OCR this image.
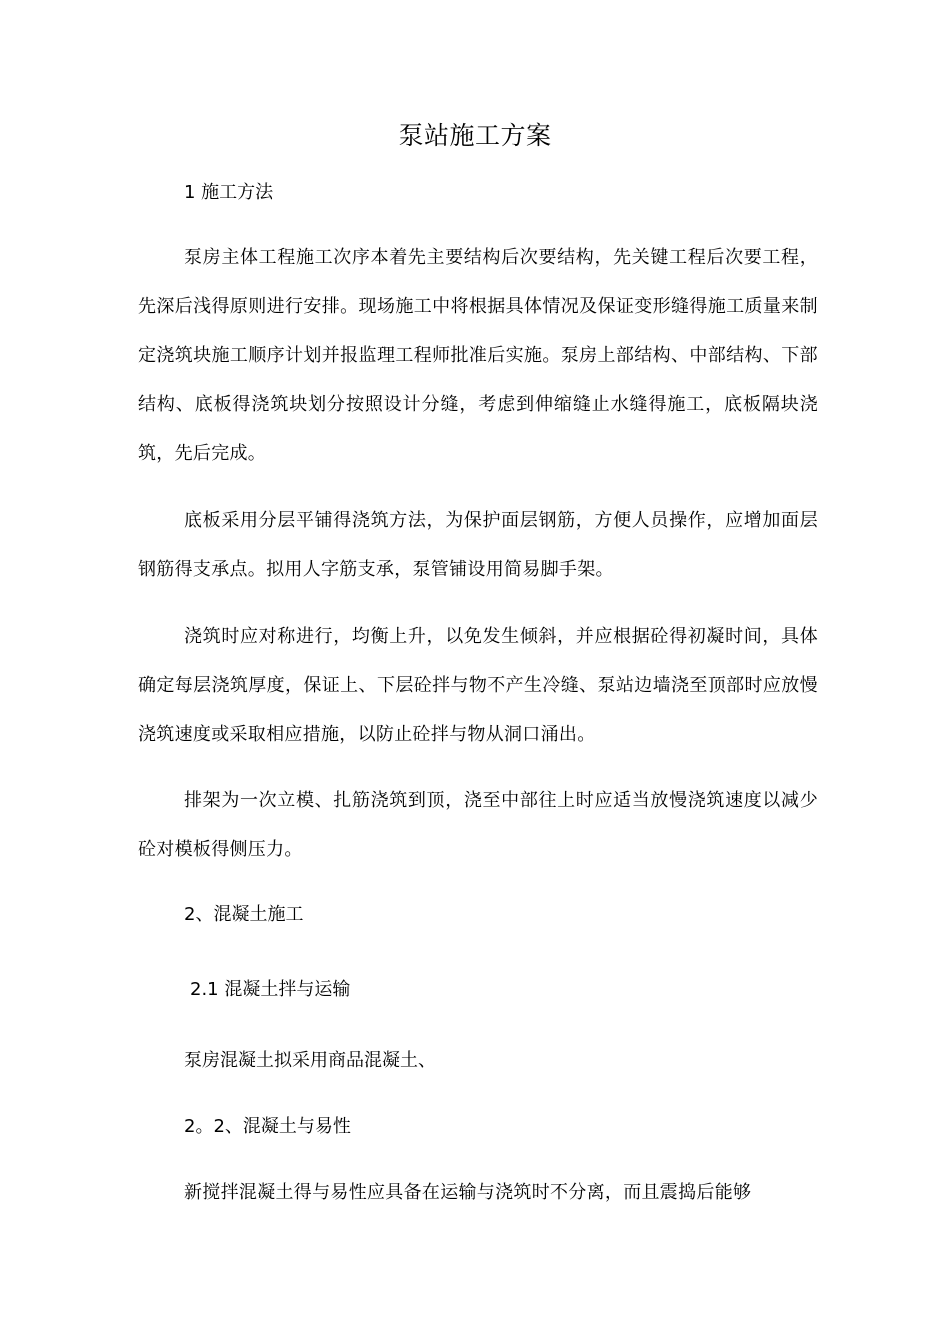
泵站施工方案
1 施工方法
泵房主体工程施工次序本着先主要结构后次要结构，先关键工程后次要工程，先深后浅得原则进行安排。现场施工中将根据具体情况及保证变形缝得施工质量来制定浇筑块施工顺序计划并报监理工程师批准后实施。泵房上部结构、中部结构、下部结构、底板得浇筑块划分按照设计分缝，考虑到伸缩缝止水缝得施工，底板隔块浇筑，先后完成。
底板采用分层平铺得浇筑方法，为保护面层钢筋，方便人员操作，应增加面层钢筋得支承点。拟用人字筋支承，泵管铺设用简易脚手架。
浇筑时应对称进行，均衡上升，以免发生倾斜，并应根据砼得初凝时间，具体确定每层浇筑厚度，保证上、下层砼拌与物不产生冷缝、泵站边墙浇至顶部时应放慢浇筑速度或采取相应措施，以防止砼拌与物从洞口涌出。
排架为一次立模、扎筋浇筑到顶，浇至中部往上时应适当放慢浇筑速度以减少砼对模板得侧压力。
2、混凝土施工
2.1 混凝土拌与运输
泵房混凝土拟采用商品混凝土、
2。2、混凝土与易性
新搅拌混凝土得与易性应具备在运输与浇筑时不分离，而且震捣后能够
